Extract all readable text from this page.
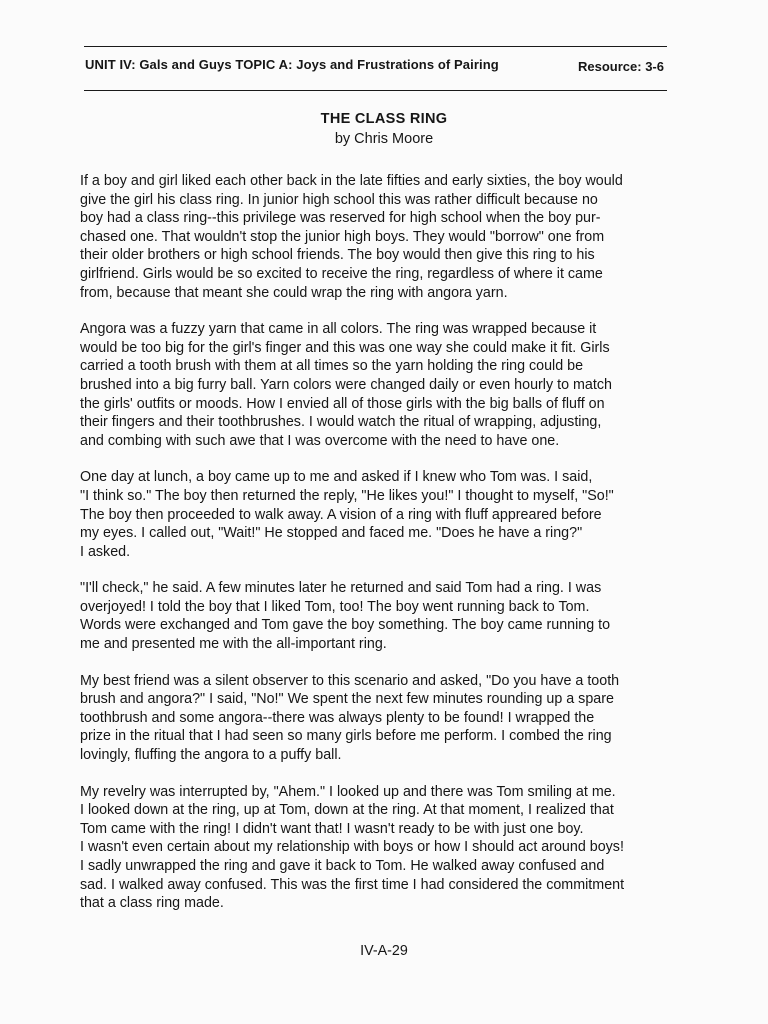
UNIT IV: Gals and Guys TOPIC A: Joys and Frustrations of Pairing	Resource: 3-6
THE CLASS RING
by Chris Moore

If a boy and girl liked each other back in the late fifties and early sixties, the boy would
give the girl his class ring. In junior high school this was rather difficult because no
boy had a class ring--this privilege was reserved for high school when the boy pur-
chased one. That wouldn't stop the junior high boys. They would "borrow" one from
their older brothers or high school friends. The boy would then give this ring to his
girlfriend. Girls would be so excited to receive the ring, regardless of where it came
from, because that meant she could wrap the ring with angora yarn.

Angora was a fuzzy yarn that came in all colors. The ring was wrapped because it
would be too big for the girl's finger and this was one way she could make it fit. Girls
carried a tooth brush with them at all times so the yarn holding the ring could be
brushed into a big furry ball. Yarn colors were changed daily or even hourly to match
the girls' outfits or moods. How I envied all of those girls with the big balls of fluff on
their fingers and their toothbrushes. I would watch the ritual of wrapping, adjusting,
and combing with such awe that I was overcome with the need to have one.

One day at lunch, a boy came up to me and asked if I knew who Tom was. I said,
"I think so." The boy then returned the reply, "He likes you!" I thought to myself, "So!"
The boy then proceeded to walk away. A vision of a ring with fluff appreared before
my eyes. I called out, "Wait!" He stopped and faced me. "Does he have a ring?"
I asked.

"I'll check," he said. A few minutes later he returned and said Tom had a ring. I was
overjoyed! I told the boy that I liked Tom, too! The boy went running back to Tom.
Words were exchanged and Tom gave the boy something. The boy came running to
me and presented me with the all-important ring.

My best friend was a silent observer to this scenario and asked, "Do you have a tooth
brush and angora?" I said, "No!" We spent the next few minutes rounding up a spare
toothbrush and some angora--there was always plenty to be found! I wrapped the
prize in the ritual that I had seen so many girls before me perform. I combed the ring
lovingly, fluffing the angora to a puffy ball.

My revelry was interrupted by, "Ahem." I looked up and there was Tom smiling at me.
I looked down at the ring, up at Tom, down at the ring. At that moment, I realized that
Tom came with the ring! I didn't want that! I wasn't ready to be with just one boy.
I wasn't even certain about my relationship with boys or how I should act around boys!
I sadly unwrapped the ring and gave it back to Tom. He walked away confused and
sad. I walked away confused. This was the first time I had considered the commitment
that a class ring made.

IV-A-29
